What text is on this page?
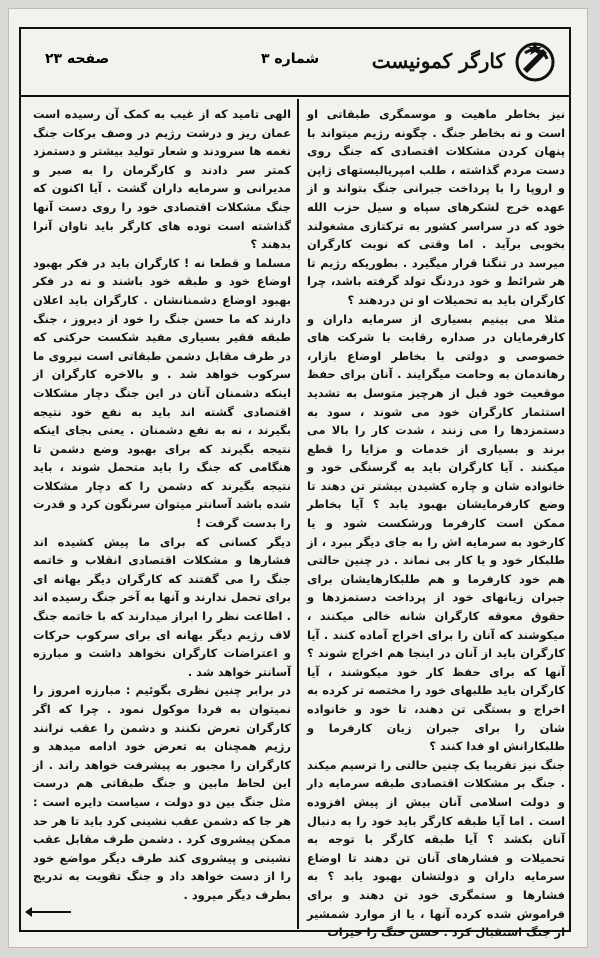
کارگر کمونیست
شماره ۳
صفحه ۲۳

نیز بخاطر ماهیت و موسمگری طبقاتی او است و نه بخاطر جنگ . چگونه رژیم میتواند با پنهان کردن مشکلات اقتصادی که جنگ روی دست مردم گذاشته ، طلب امپریالیستهای ژاپن و اروپا را با پرداخت جبرانی جنگ بتواند و از عهده خرج لشکرهای سپاه و سیل حزب الله خود که در سراسر کشور به ترکتازی مشغولند بخوبی برآید . اما وقتی که نوبت کارگران میرسد در تنگنا قرار میگیرد . بطوریکه رژیم تا هر شرائط و خود دردنگ تولد گرفته باشد، چرا کارگران باید به تحمیلات او تن دردهند ؟

مثلا می بینیم بسیاری از سرمایه داران و کارفرمایان در صداره رقابت با شرکت های خصوصی و دولتی با بخاطر اوضاع بازار، رهاندمان به وحامت میگرایند . آنان برای حفظ موقعیت خود قبل از هرچیز متوسل به تشدید استثمار کارگران خود می شوند ، سود به دستمزدها را می زنند ، شدت کار را بالا می برند و بسیاری از خدمات و مزایا را قطع میکنند . آیا کارگران باید به گرسنگی خود و خانواده شان و چاره کشیدن بیشتر تن دهند تا وضع کارفرمایشان بهبود یابد ؟ آیا بخاطر ممکن است کارفرما ورشکست شود و یا کارخود به سرمایه اش را به جای دیگر ببرد ، از طلبکار خود و یا کار بی نماند . در چنین حالتی هم خود کارفرما و هم طلبکارهایشان برای جبران زیانهای خود از پرداخت دستمزدها و حقوق معوقه کارگران شانه خالی میکنند ، میکوشند که آنان را برای اخراج آماده کنند . آیا کارگران باید از آنان در اینجا هم اخراج شوند ؟ آنها که برای حفظ کار خود میکوشند ، آیا کارگران باید طلبهای خود را مختصه تر کرده به اخراج و بستگی تن دهند، تا خود و خانواده شان را برای جبران زیان کارفرما و طلبکارانش او فدا کنند ؟

جنگ نیز تقریبا یک چنین حالتی را ترسیم میکند . جنگ بر مشکلات اقتصادی طبقه سرمایه دار و دولت اسلامی آنان بیش از پیش افزوده است . اما آیا طبقه کارگر باید خود را به دنبال آنان بکشد ؟ آیا طبقه کارگر با توجه به تحمیلات و فشارهای آنان تن دهند تا اوضاع سرمایه داران و دولتشان بهبود یابد ؟ به فشارها و ستمگری خود تن دهند و برای فراموش شده کرده آنها ، یا از موارد شمشیر از جنگ استقبال کرد . حسن حنگ را خیرات

الهی تامید که از غیب به کمک آن رسیده است عمان ریز و درشت رژیم در وصف برکات جنگ نغمه ها سرودند و شعار تولید بیشتر و دستمزد کمتر سر دادند و کارگرمان را به صبر و مدیرانی و سرمایه داران گشت . آیا اکنون که جنگ مشکلات اقتصادی خود را روی دست آنها گذاشته است توده های کارگر باید تاوان آنرا بدهند ؟

مسلما و قطعا نه ! کارگران باید در فکر بهبود اوضاع خود و طبقه خود باشند و نه در فکر بهبود اوضاع دشمنانشان . کارگران باید اعلان دارند که ما حسن جنگ را خود از دیروز ، جنگ طبقه فقیر بسیاری مفید شکست حرکتی که در طرف مقابل دشمن طبقاتی است نیروی ما سرکوب خواهد شد . و بالاخره کارگران از اینکه دشمنان آنان در این جنگ دچار مشکلات اقتصادی گشته اند باید به نفع خود نتیجه بگیرند ، نه به نفع دشمنان . یعنی بجای اینکه نتیجه بگیرند که برای بهبود وضع دشمن تا هنگامی که جنگ را باید متحمل شوند ، باید نتیجه بگیرند که دشمن را که دچار مشکلات شده باشد آسانتر میتوان سرنگون کرد و قدرت را بدست گرفت !

دیگر کسانی که برای ما پیش کشیده اند فشارها و مشکلات اقتصادی انقلاب و خاتمه جنگ را می گفتند که کارگران دیگر بهانه ای برای تحمل ندارند و آنها به آخر جنگ رسیده اند . اطاعت نظر را ابراز میدارند که با خاتمه جنگ لاف رژیم دیگر بهانه ای برای سرکوب حرکات و اعتراضات کارگران نخواهد داشت و مبارزه آسانتر خواهد شد .

در برابر چنین نظری بگوئیم : مبارزه امروز را نمیتوان به فردا موکول نمود . چرا که اگر کارگران تعرض نکنند و دشمن را عقب نرانند رژیم همچنان به تعرض خود ادامه میدهد و کارگران را مجبور به پیشرفت خواهد راند . از این لحاظ مابین و جنگ طبقاتی هم درست مثل جنگ بین دو دولت ، سیاست دایره است : هر جا که دشمن عقب نشینی کرد باید تا هر حد ممکن پیشروی کرد . دشمن طرف مقابل عقب نشینی و پیشروی کند طرف دیگر مواضع خود را از دست خواهد داد و جنگ تقویت به تدریج بطرف دیگر میرود .
